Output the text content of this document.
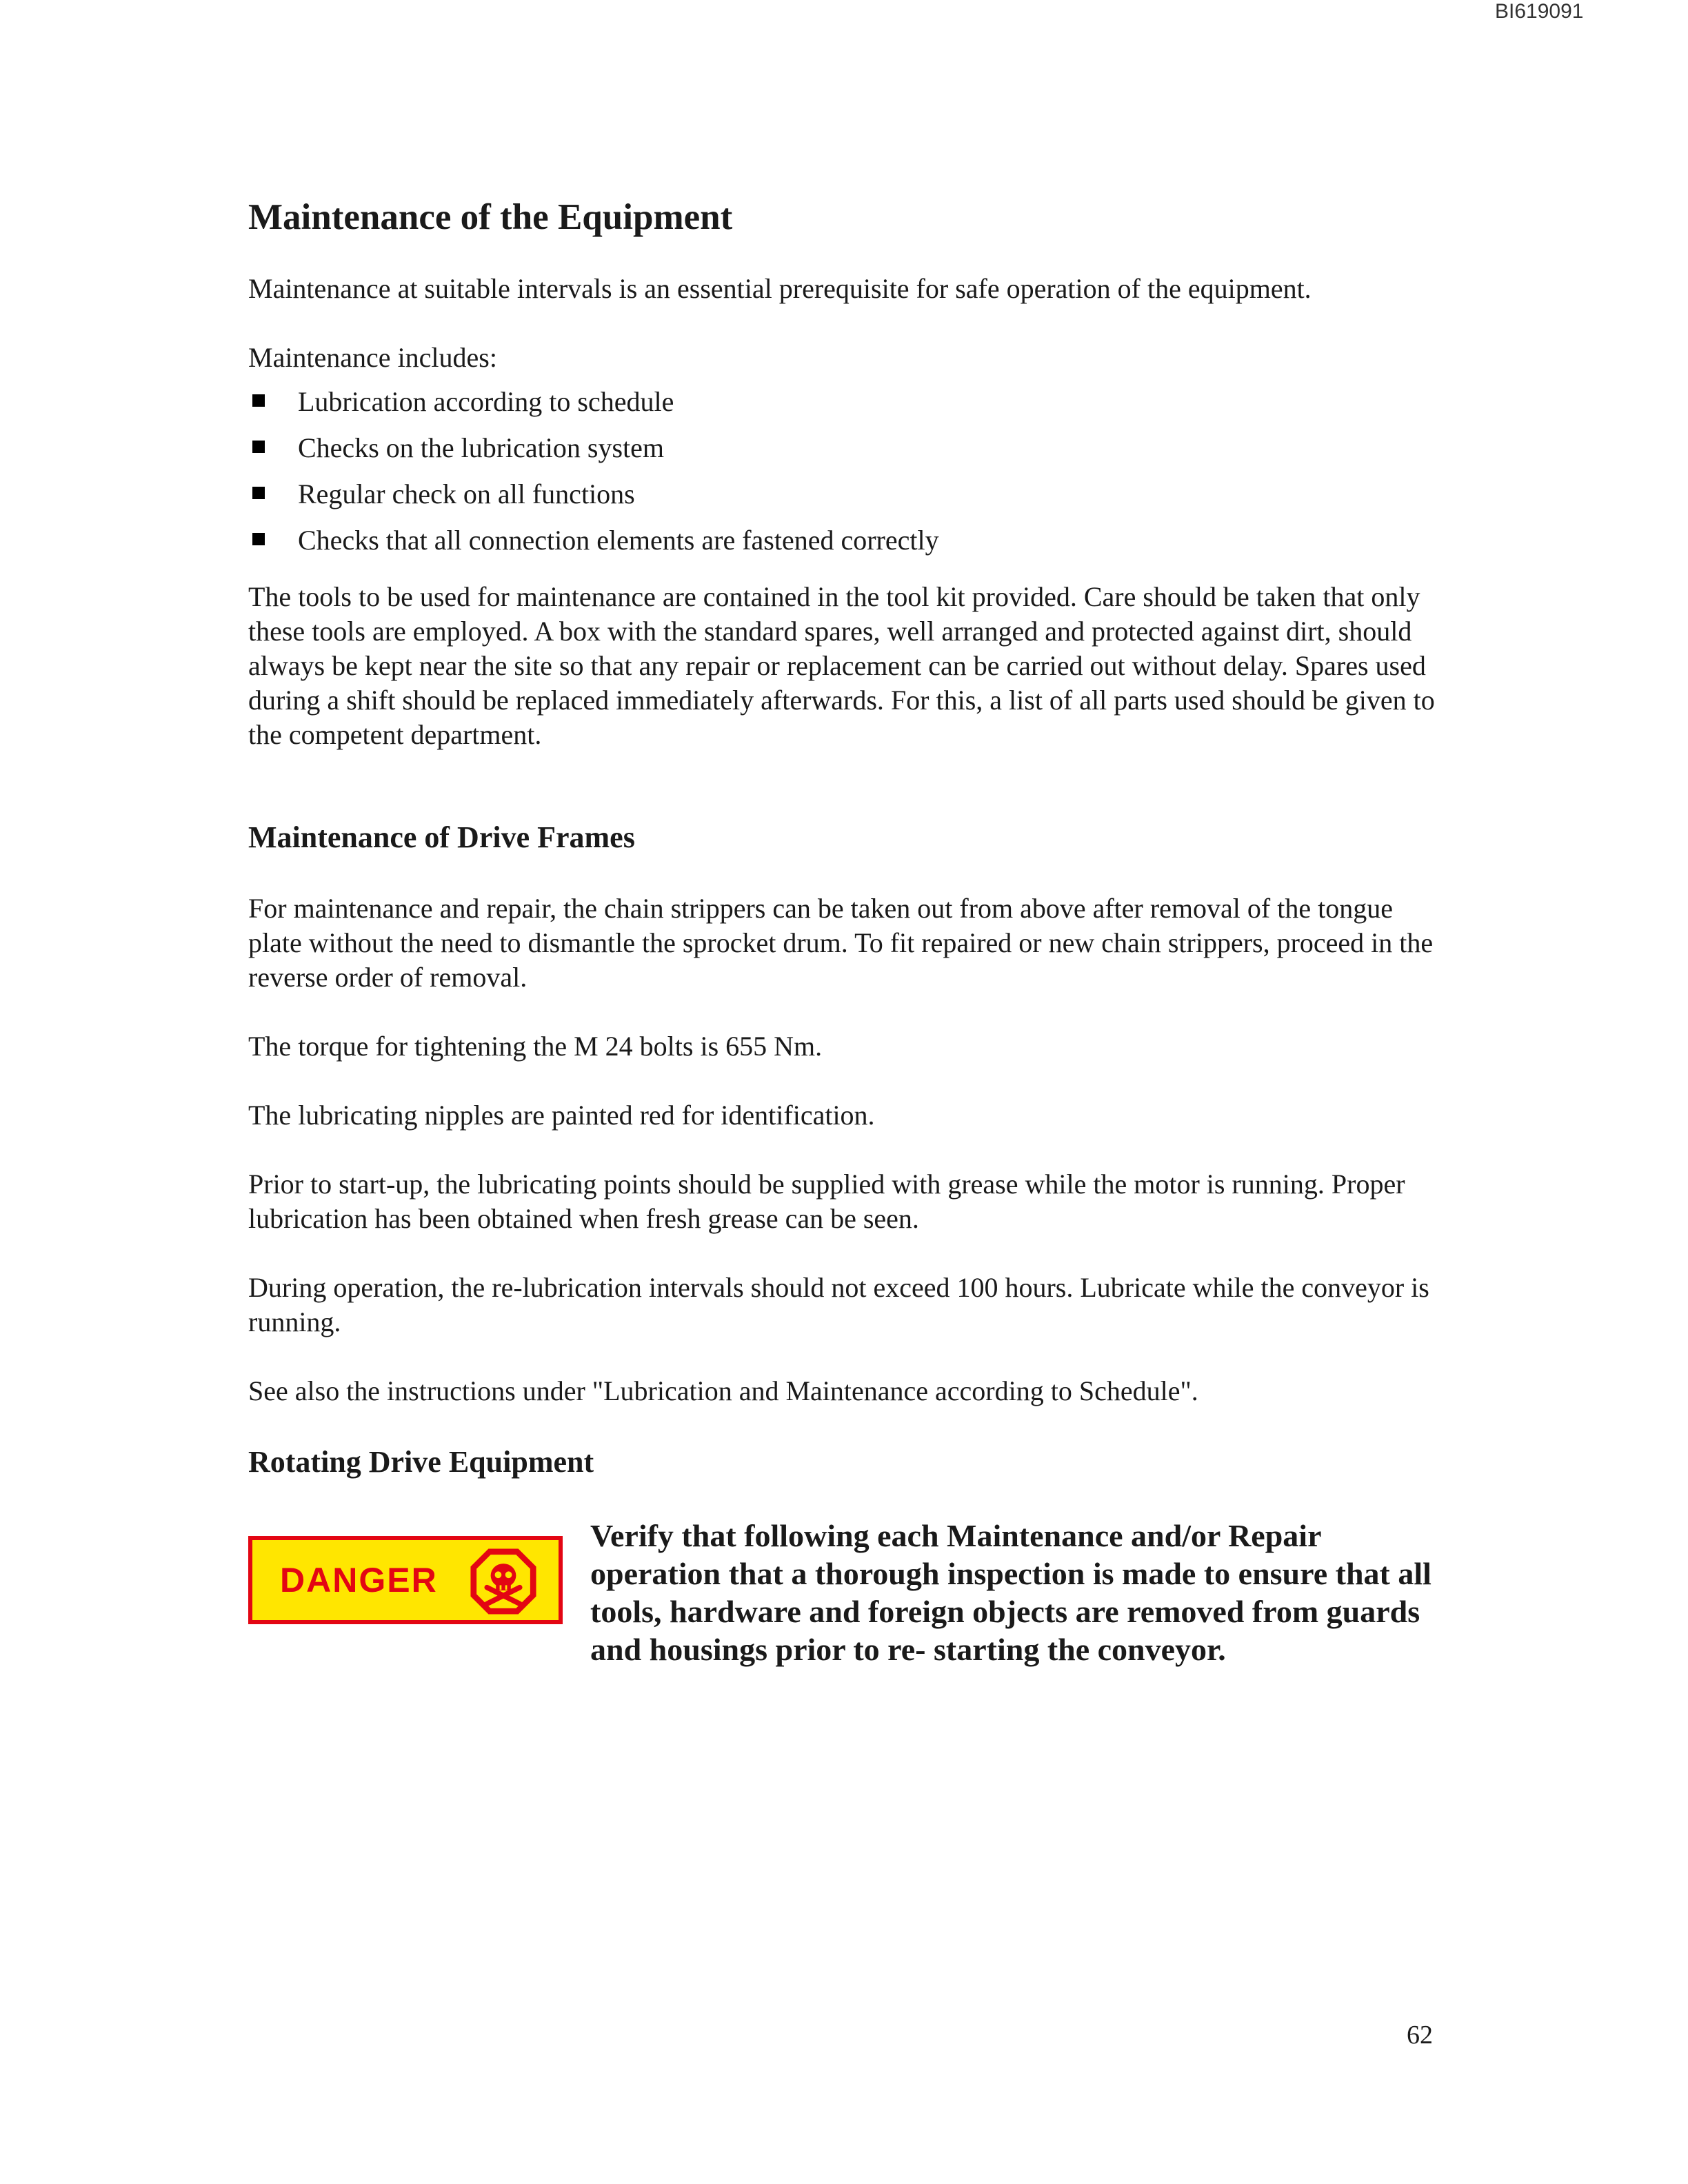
BI619091
Maintenance of the Equipment

Maintenance at suitable intervals is an essential prerequisite for safe operation of the equipment.

Maintenance includes:

Lubrication according to schedule
Checks on the lubrication system
Regular check on all functions
Checks that all connection elements are fastened correctly

The tools to be used for maintenance are contained in the tool kit provided. Care should be taken that only these tools are employed. A box with the standard spares, well arranged and protected against dirt, should always be kept near the site so that any repair or replacement can be carried out without delay. Spares used during a shift should be replaced immediately afterwards. For this, a list of all parts used should be given to the competent department.

Maintenance of Drive Frames

For maintenance and repair, the chain strippers can be taken out from above after removal of the tongue plate without the need to dismantle the sprocket drum. To fit repaired or new chain strippers, proceed in the reverse order of removal.

The torque for tightening the M 24 bolts is 655 Nm.

The lubricating nipples are painted red for identification.

Prior to start-up, the lubricating points should be supplied with grease while the motor is running. Proper lubrication has been obtained when fresh grease can be seen.

During operation, the re-lubrication intervals should not exceed 100 hours. Lubricate while the conveyor is running.

See also the instructions under "Lubrication and Maintenance according to Schedule".

Rotating Drive Equipment
DANGER
Verify that following each Maintenance and/or Repair operation that a thorough inspection is made to ensure that all tools, hardware and foreign objects are removed from guards and housings prior to re- starting the conveyor.
62
